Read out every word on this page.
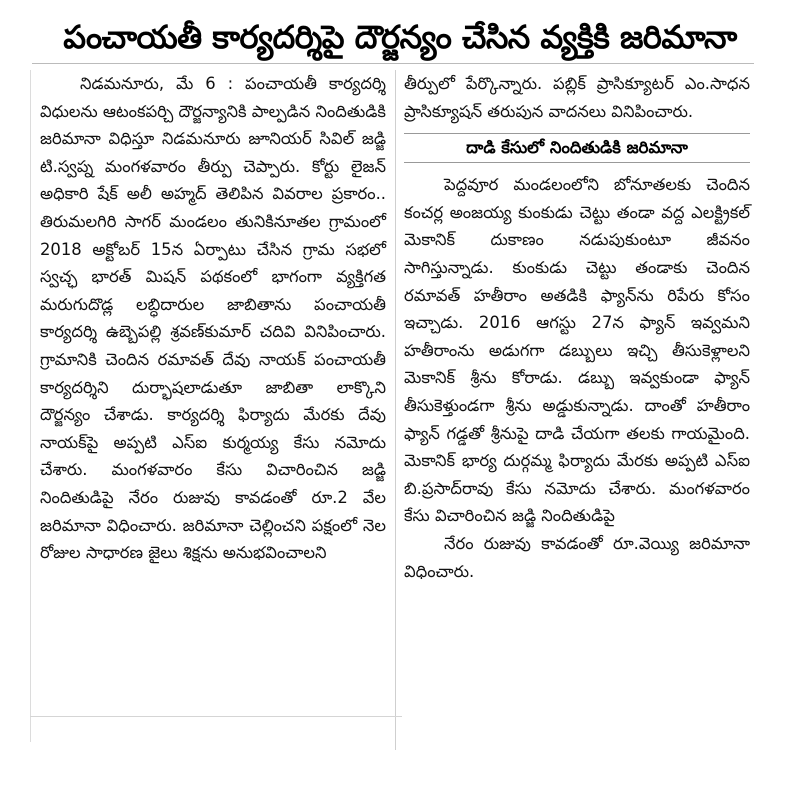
పంచాయతీ కార్యదర్శిపై దౌర్జన్యం చేసిన వ్యక్తికి జరిమానా

నిడమనూరు, మే 6 : పంచాయతీ కార్యదర్శి విధులను ఆటంకపర్చి దౌర్జన్యానికి పాల్పడిన నిందితుడికి జరిమానా విధిస్తూ నిడమనూరు జూనియర్ సివిల్ జడ్జి టి.స్వప్న మంగళవారం తీర్పు చెప్పారు. కోర్టు లైజన్ అధికారి షేక్ అలీ అహ్మద్ తెలిపిన వివరాల ప్రకారం.. తిరుమలగిరి సాగర్ మండలం తునికినూతల గ్రామంలో 2018 అక్టోబర్ 15న ఏర్పాటు చేసిన గ్రామ సభలో స్వచ్ఛ భారత్ మిషన్ పథకంలో భాగంగా వ్యక్తిగత మరుగుదొడ్ల లబ్ధిదారుల జాబితాను పంచాయతీ కార్యదర్శి ఉబ్బెపల్లి శ్రవణ్‌కుమార్ చదివి వినిపించారు. గ్రామానికి చెందిన రమావత్ దేవు నాయక్ పంచాయతీ కార్యదర్శిని దుర్భాషలాడుతూ జాబితా లాక్కొని దౌర్జన్యం చేశాడు. కార్యదర్శి ఫిర్యాదు మేరకు దేవు నాయక్‌పై అప్పటి ఎస్ఐ కుర్మయ్య కేసు నమోదు చేశారు. మంగళవారం కేసు విచారించిన జడ్జి నిందితుడిపై నేరం రుజువు కావడంతో రూ.2 వేల జరిమానా విధించారు. జరిమానా చెల్లించని పక్షంలో నెల రోజుల సాధారణ జైలు శిక్షను అనుభవించాలని

తీర్పులో పేర్కొన్నారు. పబ్లిక్ ప్రాసిక్యూటర్ ఎం.సాధన ప్రాసిక్యూషన్ తరుపున వాదనలు వినిపించారు.

దాడి కేసులో నిందితుడికి జరిమానా

పెద్దవూర మండలంలోని బోనూతలకు చెందిన కంచర్ల అంజయ్య కుంకుడు చెట్టు తండా వద్ద ఎలక్ట్రికల్ మెకానిక్ దుకాణం నడుపుకుంటూ జీవనం సాగిస్తున్నాడు. కుంకుడు చెట్టు తండాకు చెందిన రమావత్ హతీరాం అతడికి ఫ్యాన్‌ను రిపేరు కోసం ఇచ్చాడు. 2016 ఆగస్టు 27న ఫ్యాన్ ఇవ్వమని హతీరాంను అడుగగా డబ్బులు ఇచ్చి తీసుకెళ్లాలని మెకానిక్ శ్రీను కోరాడు. డబ్బు ఇవ్వకుండా ఫ్యాన్ తీసుకెళ్తుండగా శ్రీను అడ్డుకున్నాడు. దాంతో హతీరాం ఫ్యాన్ గడ్డతో శ్రీనుపై దాడి చేయగా తలకు గాయమైంది. మెకానిక్ భార్య దుర్గమ్మ ఫిర్యాదు మేరకు అప్పటి ఎస్ఐ బి.ప్రసాద్‌రావు కేసు నమోదు చేశారు. మంగళవారం కేసు విచారించిన జడ్జి నిందితుడిపై

నేరం రుజువు కావడంతో రూ.వెయ్యి జరిమానా విధించారు.
